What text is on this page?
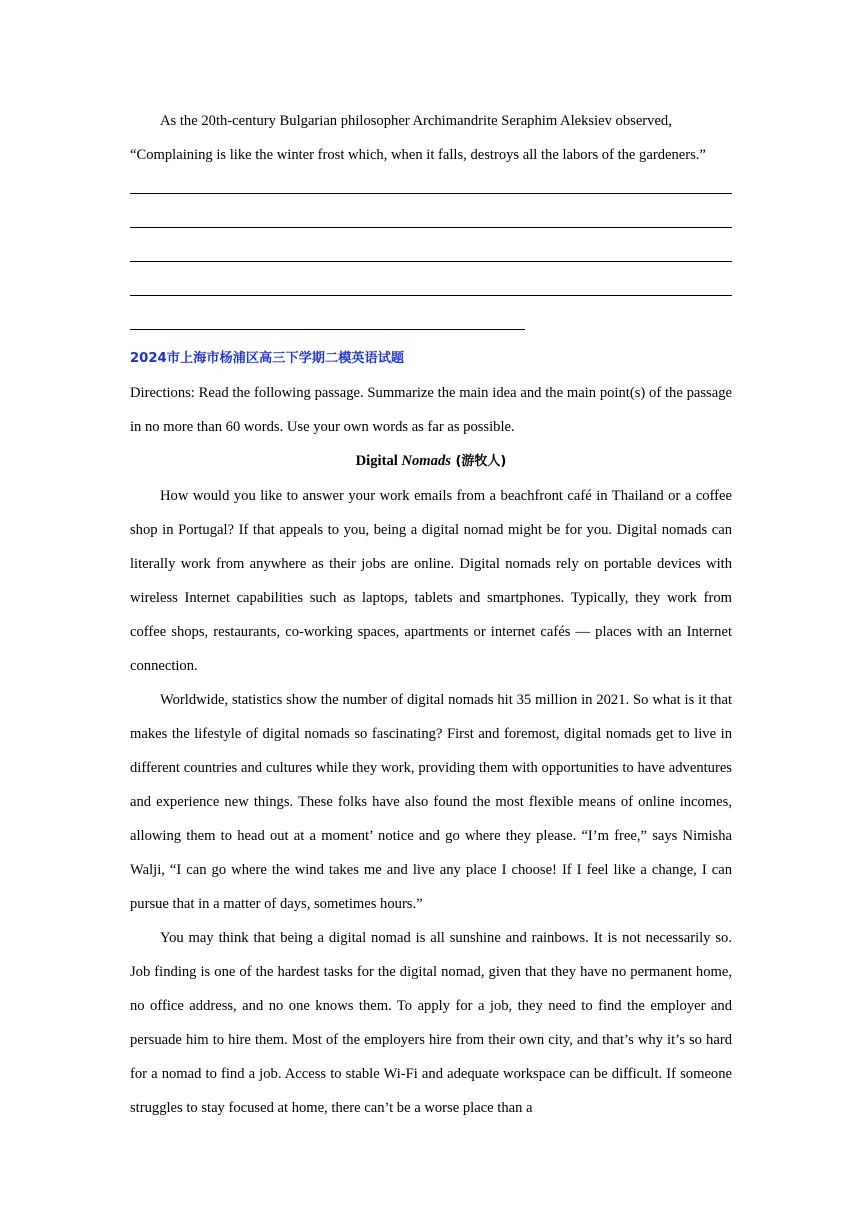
As the 20th-century Bulgarian philosopher Archimandrite Seraphim Aleksiev observed,

“Complaining is like the winter frost which, when it falls, destroys all the labors of the gardeners.”

2024市上海市杨浦区高三下学期二模英语试题

Directions: Read the following passage. Summarize the main idea and the main point(s) of the passage in no more than 60 words. Use your own words as far as possible.

Digital Nomads (游牧人)

How would you like to answer your work emails from a beachfront café in Thailand or a coffee shop in Portugal? If that appeals to you, being a digital nomad might be for you. Digital nomads can literally work from anywhere as their jobs are online. Digital nomads rely on portable devices with wireless Internet capabilities such as laptops, tablets and smartphones. Typically, they work from coffee shops, restaurants, co-working spaces, apartments or internet cafés — places with an Internet connection.

Worldwide, statistics show the number of digital nomads hit 35 million in 2021. So what is it that makes the lifestyle of digital nomads so fascinating? First and foremost, digital nomads get to live in different countries and cultures while they work, providing them with opportunities to have adventures and experience new things. These folks have also found the most flexible means of online incomes, allowing them to head out at a moment’ notice and go where they please. “I’m free,” says Nimisha Walji, “I can go where the wind takes me and live any place I choose! If I feel like a change, I can pursue that in a matter of days, sometimes hours.”

You may think that being a digital nomad is all sunshine and rainbows. It is not necessarily so. Job finding is one of the hardest tasks for the digital nomad, given that they have no permanent home, no office address, and no one knows them. To apply for a job, they need to find the employer and persuade him to hire them. Most of the employers hire from their own city, and that’s why it’s so hard for a nomad to find a job. Access to stable Wi-Fi and adequate workspace can be difficult. If someone struggles to stay focused at home, there can’t be a worse place than a
